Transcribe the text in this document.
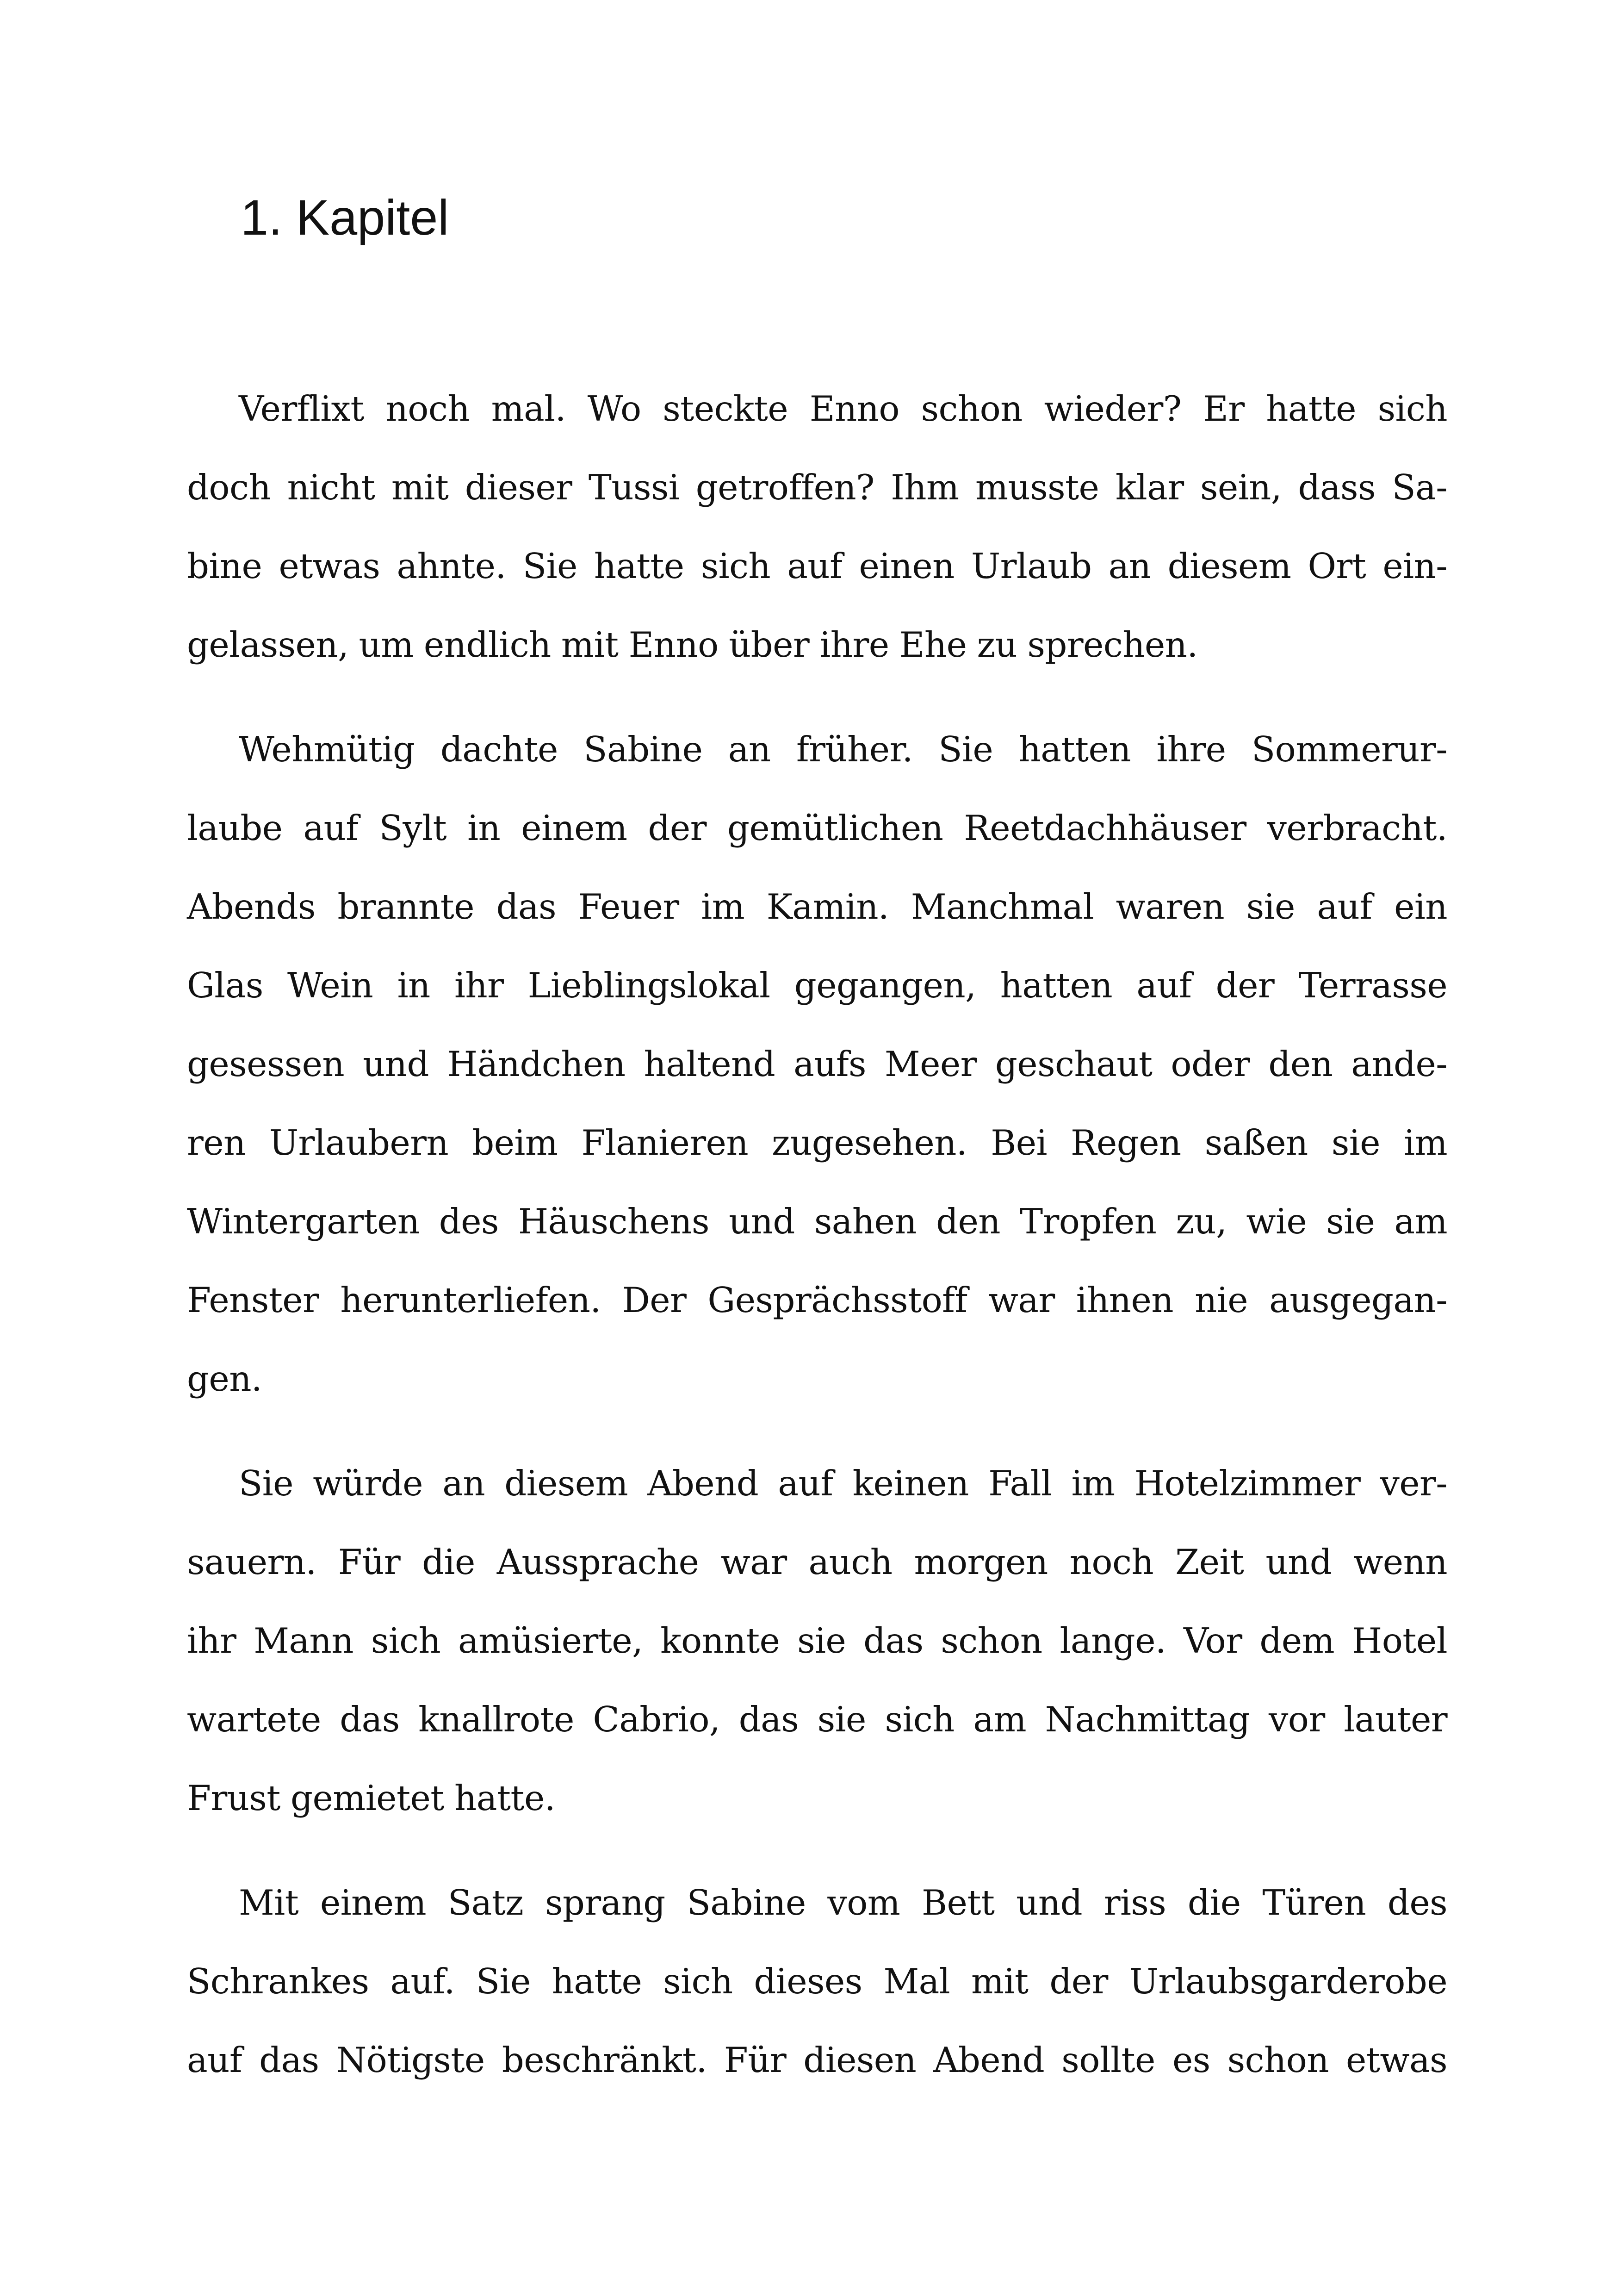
1. Kapitel
Verflixt noch mal. Wo steckte Enno schon wieder? Er hatte sich
doch nicht mit dieser Tussi getroffen? Ihm musste klar sein, dass Sa-
bine etwas ahnte. Sie hatte sich auf einen Urlaub an diesem Ort ein-
gelassen, um endlich mit Enno über ihre Ehe zu sprechen.
Wehmütig dachte Sabine an früher. Sie hatten ihre Sommerur-
laube auf Sylt in einem der gemütlichen Reetdachhäuser verbracht.
Abends brannte das Feuer im Kamin. Manchmal waren sie auf ein
Glas Wein in ihr Lieblingslokal gegangen, hatten auf der Terrasse
gesessen und Händchen haltend aufs Meer geschaut oder den ande-
ren Urlaubern beim Flanieren zugesehen. Bei Regen saßen sie im
Wintergarten des Häuschens und sahen den Tropfen zu, wie sie am
Fenster herunterliefen. Der Gesprächsstoff war ihnen nie ausgegan-
gen.
Sie würde an diesem Abend auf keinen Fall im Hotelzimmer ver-
sauern. Für die Aussprache war auch morgen noch Zeit und wenn
ihr Mann sich amüsierte, konnte sie das schon lange. Vor dem Hotel
wartete das knallrote Cabrio, das sie sich am Nachmittag vor lauter
Frust gemietet hatte.
Mit einem Satz sprang Sabine vom Bett und riss die Türen des
Schrankes auf. Sie hatte sich dieses Mal mit der Urlaubsgarderobe
auf das Nötigste beschränkt. Für diesen Abend sollte es schon etwas
